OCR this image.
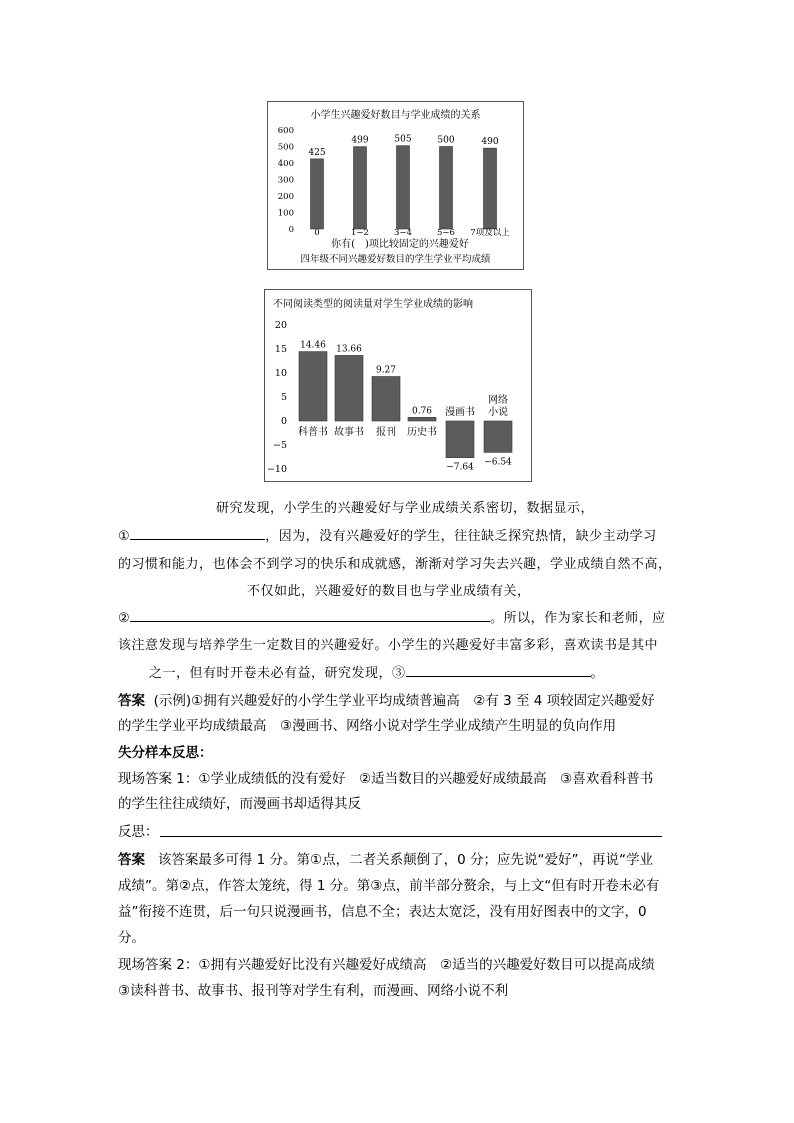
小学生兴趣爱好数目与学业成绩的关系
600
500
400
300
200
100
0
425
0
499
1−2
505
3−4
500
5−6
490
7项及以上
你有(　)项比较固定的兴趣爱好
四年级不同兴趣爱好数目的学生学业平均成绩
不同阅读类型的阅读量对学生学业成绩的影响
20
15
10
5
0
−5
−10
14.46
科普书
13.66
故事书
9.27
报刊
0.76
历史书
−7.64
漫画书
−6.54
网络
小说
研究发现，小学生的兴趣爱好与学业成绩关系密切，数据显示，
①	，因为，没有兴趣爱好的学生，往往缺乏探究热情，缺少主动学习
的习惯和能力，也体会不到学习的快乐和成就感，渐渐对学习失去兴趣，学业成绩自然不高，
不仅如此，兴趣爱好的数目也与学业成绩有关，
②	。所以，作为家长和老师，应
该注意发现与培养学生一定数目的兴趣爱好。小学生的兴趣爱好丰富多彩，喜欢读书是其中
之一，但有时开卷未必有益，研究发现，③	。
答案 (示例)①拥有兴趣爱好的小学生学业平均成绩普遍高　②有 3 至 4 项较固定兴趣爱好
的学生学业平均成绩最高　③漫画书、网络小说对学生学业成绩产生明显的负向作用
失分样本反思：
现场答案 1：①学业成绩低的没有爱好　②适当数目的兴趣爱好成绩最高　③喜欢看科普书
的学生往往成绩好，而漫画书却适得其反
反思：
答案 该答案最多可得 1 分。第①点，二者关系颠倒了，0 分；应先说“爱好”，再说“学业
成绩”。第②点，作答太笼统，得 1 分。第③点，前半部分赘余，与上文“但有时开卷未必有
益”衔接不连贯，后一句只说漫画书，信息不全；表达太宽泛，没有用好图表中的文字，0
分。
现场答案 2：①拥有兴趣爱好比没有兴趣爱好成绩高　②适当的兴趣爱好数目可以提高成绩
③读科普书、故事书、报刊等对学生有利，而漫画、网络小说不利
